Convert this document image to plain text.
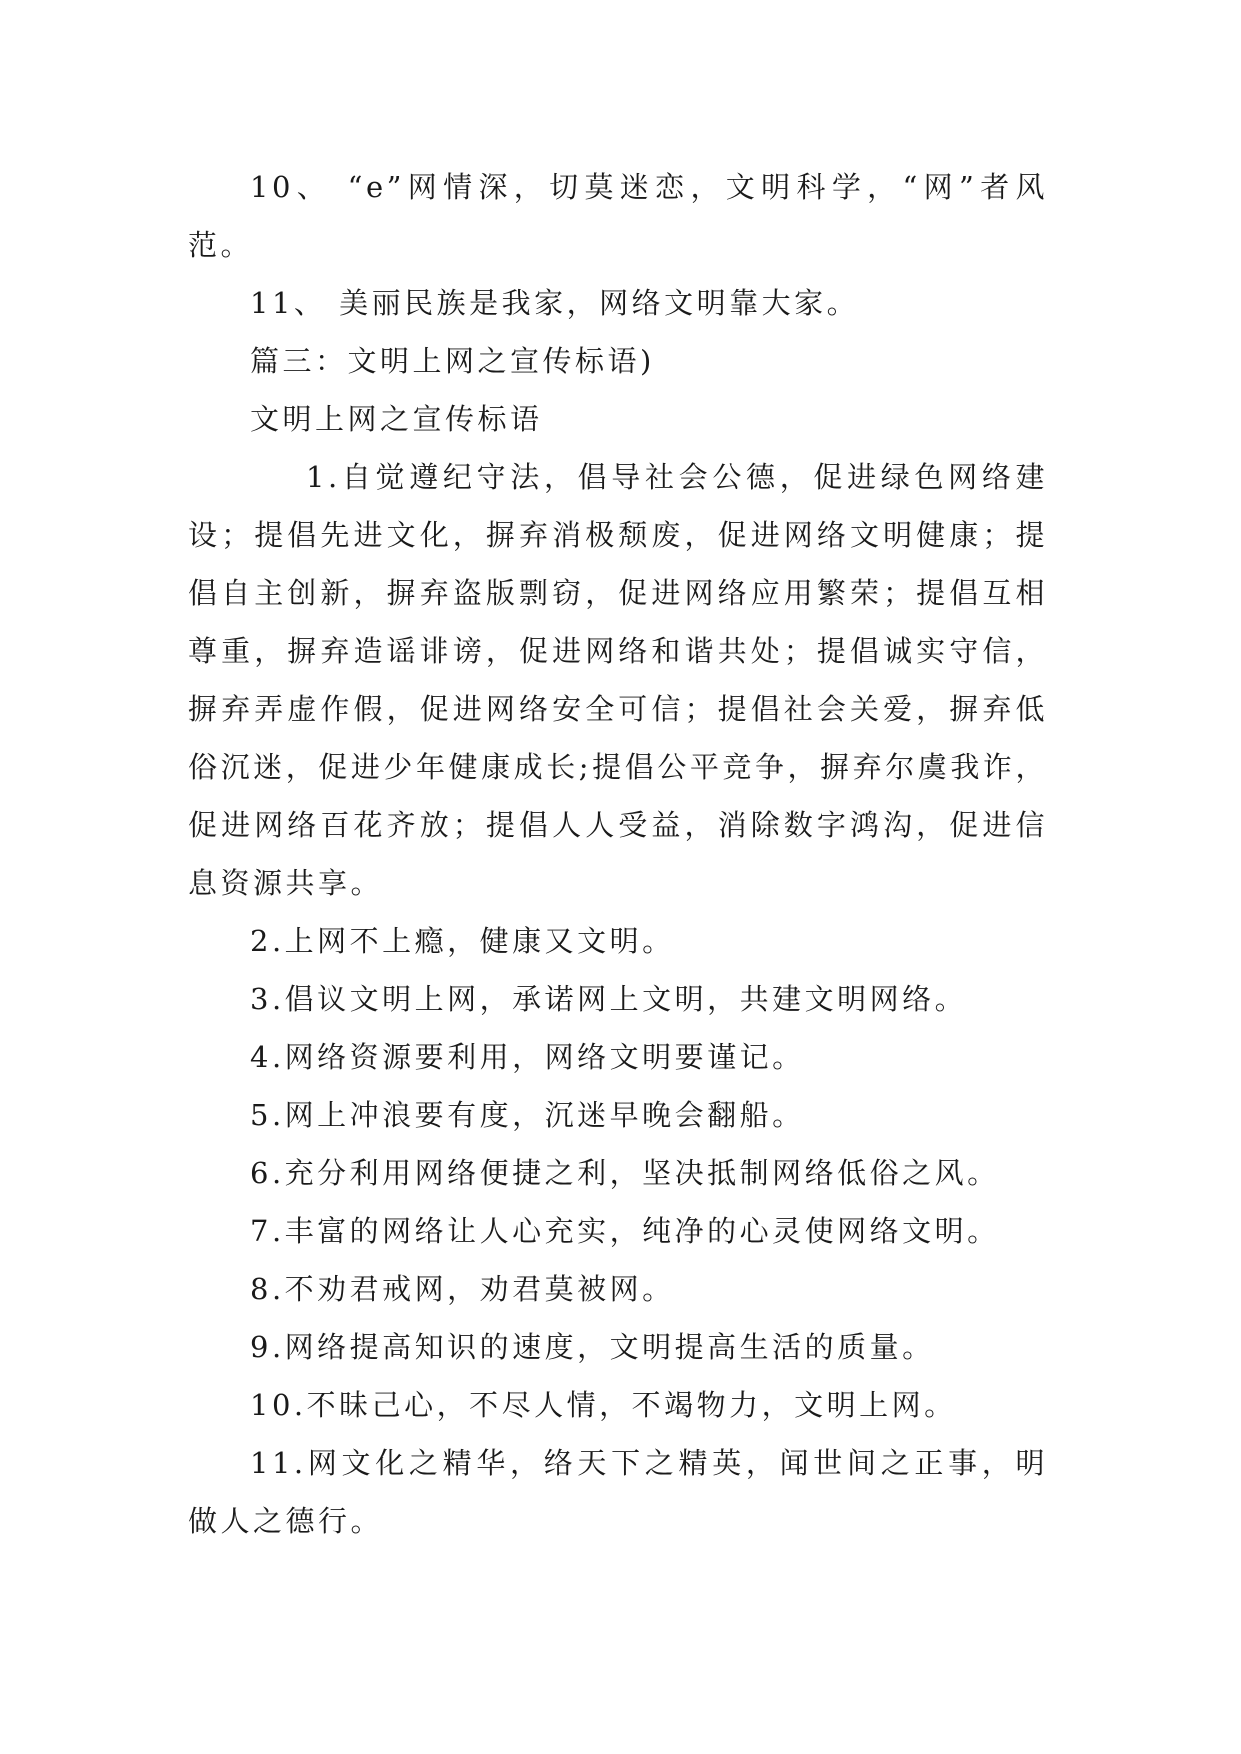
10、 “e”网情深，切莫迷恋，文明科学，“网”者风范。

11、 美丽民族是我家，网络文明靠大家。

篇三：文明上网之宣传标语)

文明上网之宣传标语

1.自觉遵纪守法，倡导社会公德，促进绿色网络建设；提倡先进文化，摒弃消极颓废，促进网络文明健康；提倡自主创新，摒弃盗版剽窃，促进网络应用繁荣；提倡互相尊重，摒弃造谣诽谤，促进网络和谐共处；提倡诚实守信，摒弃弄虚作假，促进网络安全可信；提倡社会关爱，摒弃低俗沉迷，促进少年健康成长;提倡公平竞争，摒弃尔虞我诈，促进网络百花齐放；提倡人人受益，消除数字鸿沟，促进信息资源共享。

2.上网不上瘾，健康又文明。

3.倡议文明上网，承诺网上文明，共建文明网络。

4.网络资源要利用，网络文明要谨记。

5.网上冲浪要有度，沉迷早晚会翻船。

6.充分利用网络便捷之利，坚决抵制网络低俗之风。

7.丰富的网络让人心充实，纯净的心灵使网络文明。

8.不劝君戒网，劝君莫被网。

9.网络提高知识的速度，文明提高生活的质量。

10.不昧己心，不尽人情，不竭物力，文明上网。

11.网文化之精华，络天下之精英，闻世间之正事，明做人之德行。
